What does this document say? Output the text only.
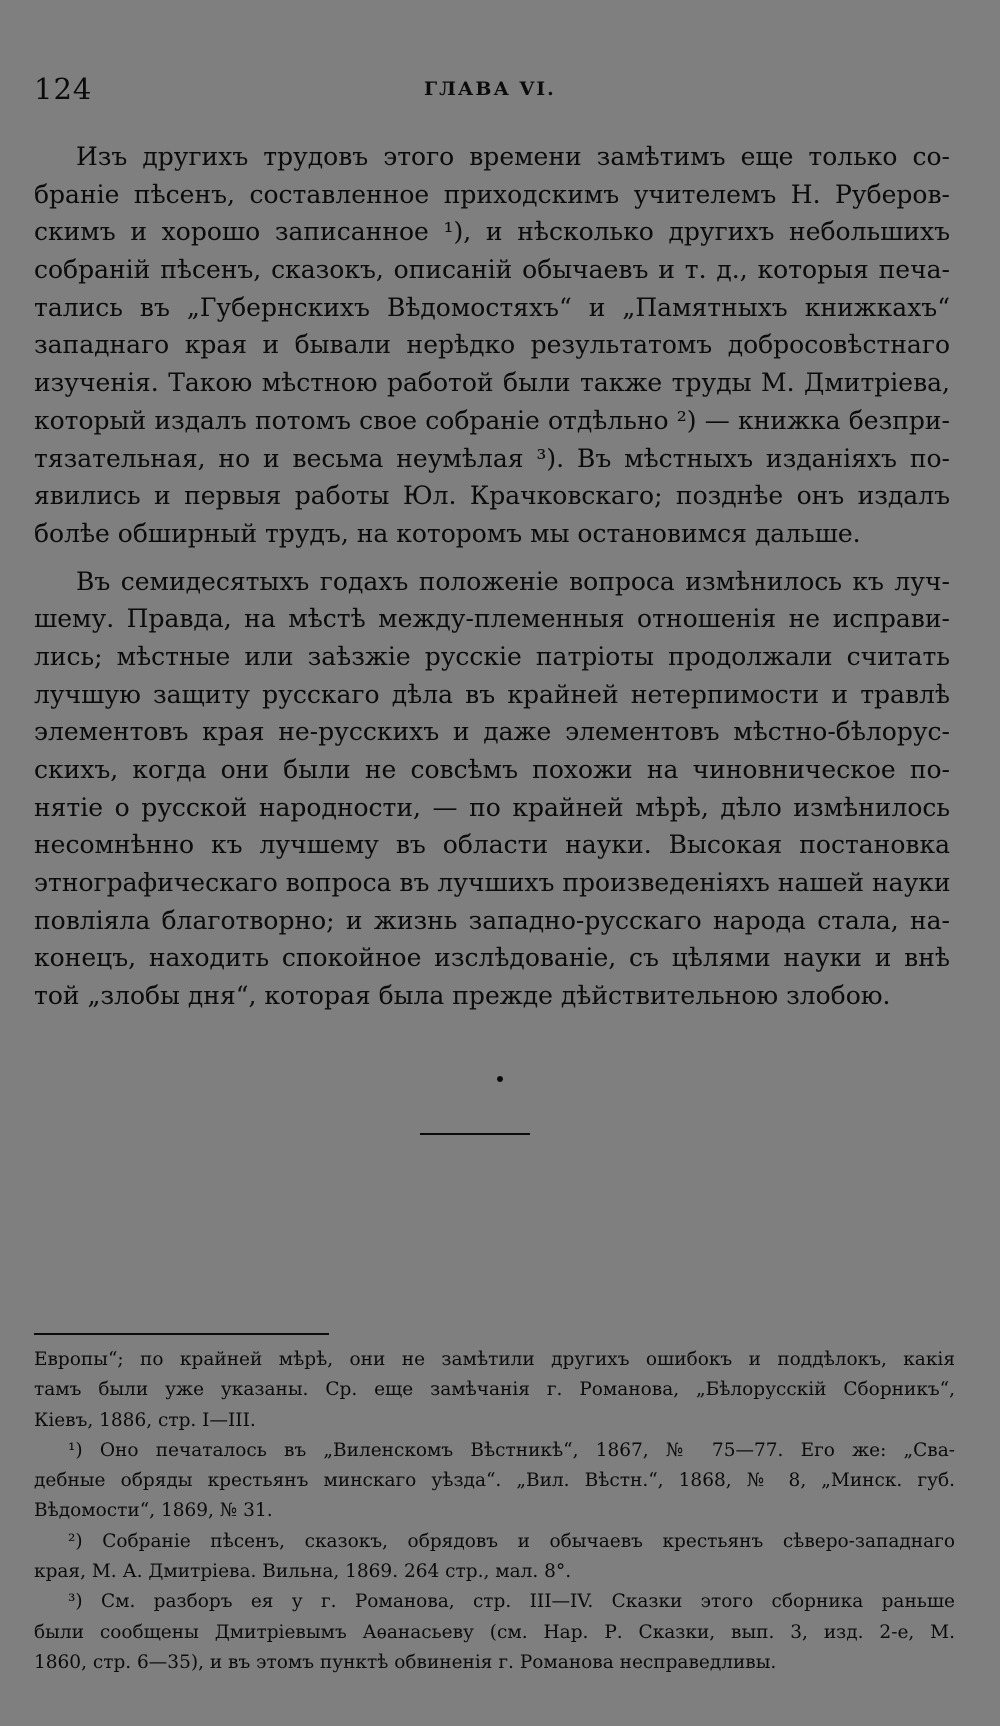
124	ГЛАВА VI.
Изъ другихъ трудовъ этого времени замѣтимъ еще только со-
браніе пѣсенъ, составленное приходскимъ учителемъ Н. Руберов-
скимъ и хорошо записанное ¹), и нѣсколько другихъ небольшихъ
собраній пѣсенъ, сказокъ, описаній обычаевъ и т. д., которыя печа-
тались въ „Губернскихъ Вѣдомостяхъ“ и „Памятныхъ книжкахъ“
западнаго края и бывали нерѣдко результатомъ добросовѣстнаго
изученія. Такою мѣстною работой были также труды М. Дмитріева,
который издалъ потомъ свое собраніе отдѣльно ²) — книжка безпри-
тязательная, но и весьма неумѣлая ³). Въ мѣстныхъ изданіяхъ по-
явились и первыя работы Юл. Крачковскаго; позднѣе онъ издалъ
болѣе обширный трудъ, на которомъ мы остановимся дальше.
Въ семидесятыхъ годахъ положеніе вопроса измѣнилось къ луч-
шему. Правда, на мѣстѣ между-племенныя отношенія не исправи-
лись; мѣстные или заѣзжіе русскіе патріоты продолжали считать
лучшую защиту русскаго дѣла въ крайней нетерпимости и травлѣ
элементовъ края не-русскихъ и даже элементовъ мѣстно-бѣлорус-
скихъ, когда они были не совсѣмъ похожи на чиновническое по-
нятіе о русской народности, — по крайней мѣрѣ, дѣло измѣнилось
несомнѣнно къ лучшему въ области науки. Высокая постановка
этнографическаго вопроса въ лучшихъ произведеніяхъ нашей науки
повліяла благотворно; и жизнь западно-русскаго народа стала, на-
конецъ, находить спокойное изслѣдованіе, съ цѣлями науки и внѣ
той „злобы дня“, которая была прежде дѣйствительною злобою.
Европы“; по крайней мѣрѣ, они не замѣтили другихъ ошибокъ и поддѣлокъ, какія
тамъ были уже указаны. Ср. еще замѣчанія г. Романова, „Бѣлорусскій Сборникъ“,
Кіевъ, 1886, стр. I—III.
¹) Оно печаталось въ „Виленскомъ Вѣстникѣ“, 1867, № 75—77. Его же: „Сва-
дебные обряды крестьянъ минскаго уѣзда“. „Вил. Вѣстн.“, 1868, № 8, „Минск. губ.
Вѣдомости“, 1869, № 31.
²) Собраніе пѣсенъ, сказокъ, обрядовъ и обычаевъ крестьянъ сѣверо-западнаго
края, М. А. Дмитріева. Вильна, 1869. 264 стр., мал. 8°.
³) См. разборъ ея у г. Романова, стр. III—IV. Сказки этого сборника раньше
были сообщены Дмитріевымъ Аѳанасьеву (см. Нар. Р. Сказки, вып. 3, изд. 2-е, М.
1860, стр. 6—35), и въ этомъ пунктѣ обвиненія г. Романова несправедливы.
